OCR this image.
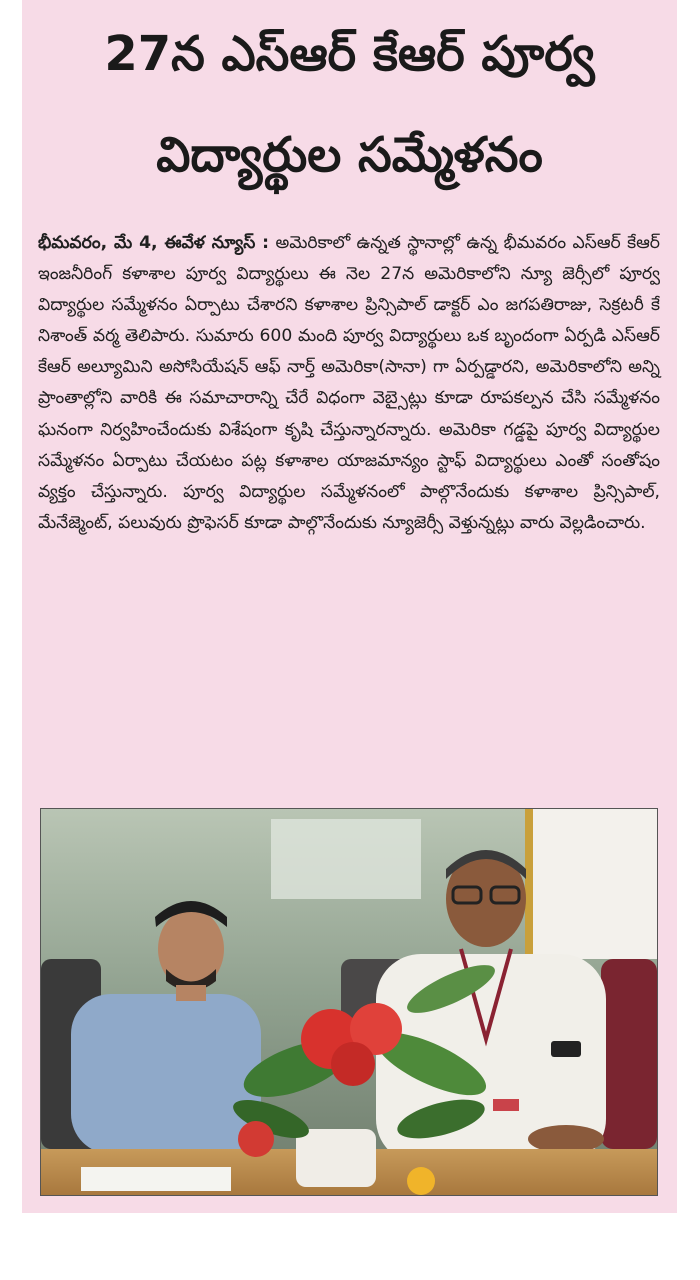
27న ఎస్‌ఆర్ కేఆర్ పూర్వ
విద్యార్థుల సమ్మేళనం
భీమవరం, మే 4, ఈవేళ న్యూస్ : అమెరికాలో ఉన్నత స్థానాల్లో ఉన్న భీమవరం ఎస్ఆర్ కేఆర్ ఇంజనీరింగ్ కళాశాల పూర్వ విద్యార్థులు ఈ నెల 27న అమెరికాలోని న్యూ జెర్సీలో పూర్వ విద్యార్థుల సమ్మేళనం ఏర్పాటు చేశారని కళాశాల ప్రిన్సిపాల్ డాక్టర్ ఎం జగపతిరాజు, సెక్రటరీ కే నిశాంత్ వర్మ తెలిపారు. సుమారు 600 మంది పూర్వ విద్యార్థులు ఒక బృందంగా ఏర్పడి ఎస్ఆర్ కేఆర్ అల్యూమిని అసోసియేషన్ ఆఫ్ నార్త్ అమెరికా(సానా) గా ఏర్పడ్డారని, అమెరికాలోని అన్ని ప్రాంతాల్లోని వారికి ఈ సమాచారాన్ని చేరే విధంగా వెబ్సైట్లు కూడా రూపకల్పన చేసి సమ్మేళనం ఘనంగా నిర్వహించేందుకు విశేషంగా కృషి చేస్తున్నారన్నారు. అమెరికా గడ్డపై పూర్వ విద్యార్థుల సమ్మేళనం ఏర్పాటు చేయటం పట్ల కళాశాల యాజమాన్యం స్టాఫ్ విద్యార్థులు ఎంతో సంతోషం వ్యక్తం చేస్తున్నారు. పూర్వ విద్యార్థుల సమ్మేళనంలో పాల్గొనేందుకు కళాశాల ప్రిన్సిపాల్, మేనేజ్మెంట్, పలువురు ప్రొఫెసర్ కూడా పాల్గొనేందుకు న్యూజెర్సీ వెళ్తున్నట్లు వారు వెల్లడించారు.
